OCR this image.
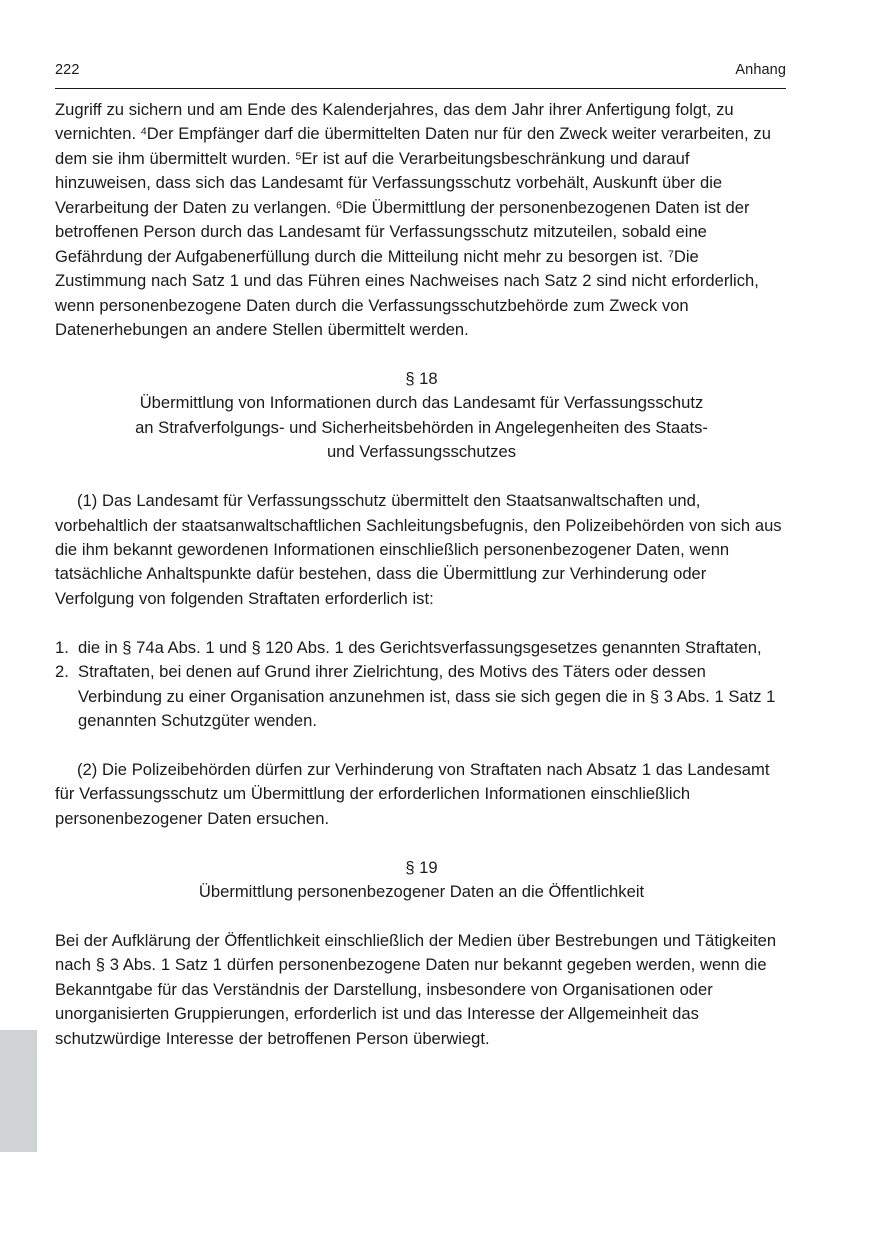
222	Anhang

Zugriff zu sichern und am Ende des Kalenderjahres, das dem Jahr ihrer Anfertigung folgt, zu vernichten. $^4$Der Empfänger darf die übermittelten Daten nur für den Zweck weiter verarbeiten, zu dem sie ihm übermittelt wurden. $^5$Er ist auf die Verarbeitungsbeschränkung und darauf hinzuweisen, dass sich das Landesamt für Verfassungsschutz vorbehält, Auskunft über die Verarbeitung der Daten zu verlangen. $^6$Die Übermittlung der personenbezogenen Daten ist der betroffenen Person durch das Landesamt für Verfassungsschutz mitzuteilen, sobald eine Gefährdung der Aufgabenerfüllung durch die Mitteilung nicht mehr zu besorgen ist. $^7$Die Zustimmung nach Satz 1 und das Führen eines Nachweises nach Satz 2 sind nicht erforderlich, wenn personenbezogene Daten durch die Verfassungsschutzbehörde zum Zweck von Datenerhebungen an andere Stellen übermittelt werden.

§ 18
Übermittlung von Informationen durch das Landesamt für Verfassungsschutz
an Strafverfolgungs- und Sicherheitsbehörden in Angelegenheiten des Staats-
und Verfassungsschutzes

(1) Das Landesamt für Verfassungsschutz übermittelt den Staatsanwaltschaften und, vorbehaltlich der staatsanwaltschaftlichen Sachleitungsbefugnis, den Polizeibehörden von sich aus die ihm bekannt gewordenen Informationen einschließlich personenbezogener Daten, wenn tatsächliche Anhaltspunkte dafür bestehen, dass die Übermittlung zur Verhinderung oder Verfolgung von folgenden Straftaten erforderlich ist:

1. die in § 74a Abs. 1 und § 120 Abs. 1 des Gerichtsverfassungsgesetzes genannten Straftaten,
2. Straftaten, bei denen auf Grund ihrer Zielrichtung, des Motivs des Täters oder dessen Verbindung zu einer Organisation anzunehmen ist, dass sie sich gegen die in § 3 Abs. 1 Satz 1 genannten Schutzgüter wenden.

(2) Die Polizeibehörden dürfen zur Verhinderung von Straftaten nach Absatz 1 das Landesamt für Verfassungsschutz um Übermittlung der erforderlichen Informationen einschließlich personenbezogener Daten ersuchen.

§ 19
Übermittlung personenbezogener Daten an die Öffentlichkeit

Bei der Aufklärung der Öffentlichkeit einschließlich der Medien über Bestrebungen und Tätigkeiten nach § 3 Abs. 1 Satz 1 dürfen personenbezogene Daten nur bekannt gegeben werden, wenn die Bekanntgabe für das Verständnis der Darstellung, insbesondere von Organisationen oder unorganisierten Gruppierungen, erforderlich ist und das Interesse der Allgemeinheit das schutzwürdige Interesse der betroffenen Person überwiegt.
